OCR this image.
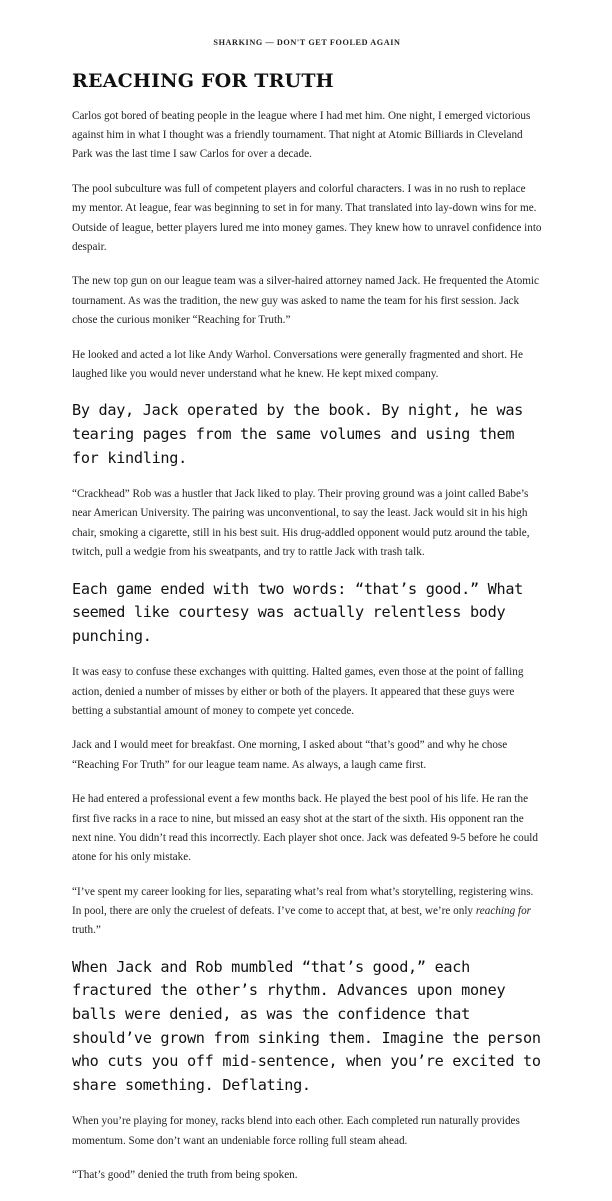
SHARKING — DON'T GET FOOLED AGAIN
REACHING FOR TRUTH

Carlos got bored of beating people in the league where I had met him. One night, I emerged victorious against him in what I thought was a friendly tournament. That night at Atomic Billiards in Cleveland Park was the last time I saw Carlos for over a decade.

The pool subculture was full of competent players and colorful characters. I was in no rush to replace my mentor. At league, fear was beginning to set in for many. That translated into lay-down wins for me. Outside of league, better players lured me into money games. They knew how to unravel confidence into despair.

The new top gun on our league team was a silver-haired attorney named Jack. He frequented the Atomic tournament. As was the tradition, the new guy was asked to name the team for his first session. Jack chose the curious moniker “Reaching for Truth.”

He looked and acted a lot like Andy Warhol. Conversations were generally fragmented and short. He laughed like you would never understand what he knew. He kept mixed company.

By day, Jack operated by the book. By night, he was tearing pages from the same volumes and using them for kindling.

“Crackhead” Rob was a hustler that Jack liked to play. Their proving ground was a joint called Babe’s near American University. The pairing was unconventional, to say the least. Jack would sit in his high chair, smoking a cigarette, still in his best suit. His drug-addled opponent would putz around the table, twitch, pull a wedgie from his sweatpants, and try to rattle Jack with trash talk.

Each game ended with two words: “that’s good.” What seemed like courtesy was actually relentless body punching.

It was easy to confuse these exchanges with quitting. Halted games, even those at the point of falling action, denied a number of misses by either or both of the players. It appeared that these guys were betting a substantial amount of money to compete yet concede.

Jack and I would meet for breakfast. One morning, I asked about “that’s good” and why he chose “Reaching For Truth” for our league team name. As always, a laugh came first.

He had entered a professional event a few months back. He played the best pool of his life. He ran the first five racks in a race to nine, but missed an easy shot at the start of the sixth. His opponent ran the next nine. You didn’t read this incorrectly. Each player shot once. Jack was defeated 9-5 before he could atone for his only mistake.

“I’ve spent my career looking for lies, separating what’s real from what’s storytelling, registering wins. In pool, there are only the cruelest of defeats. I’ve come to accept that, at best, we’re only reaching for truth.”

When Jack and Rob mumbled “that’s good,” each fractured the other’s rhythm. Advances upon money balls were denied, as was the confidence that should’ve grown from sinking them. Imagine the person who cuts you off mid-sentence, when you’re excited to share something. Deflating.

When you’re playing for money, racks blend into each other. Each completed run naturally provides momentum. Some don’t want an undeniable force rolling full steam ahead.

“That’s good” denied the truth from being spoken.
